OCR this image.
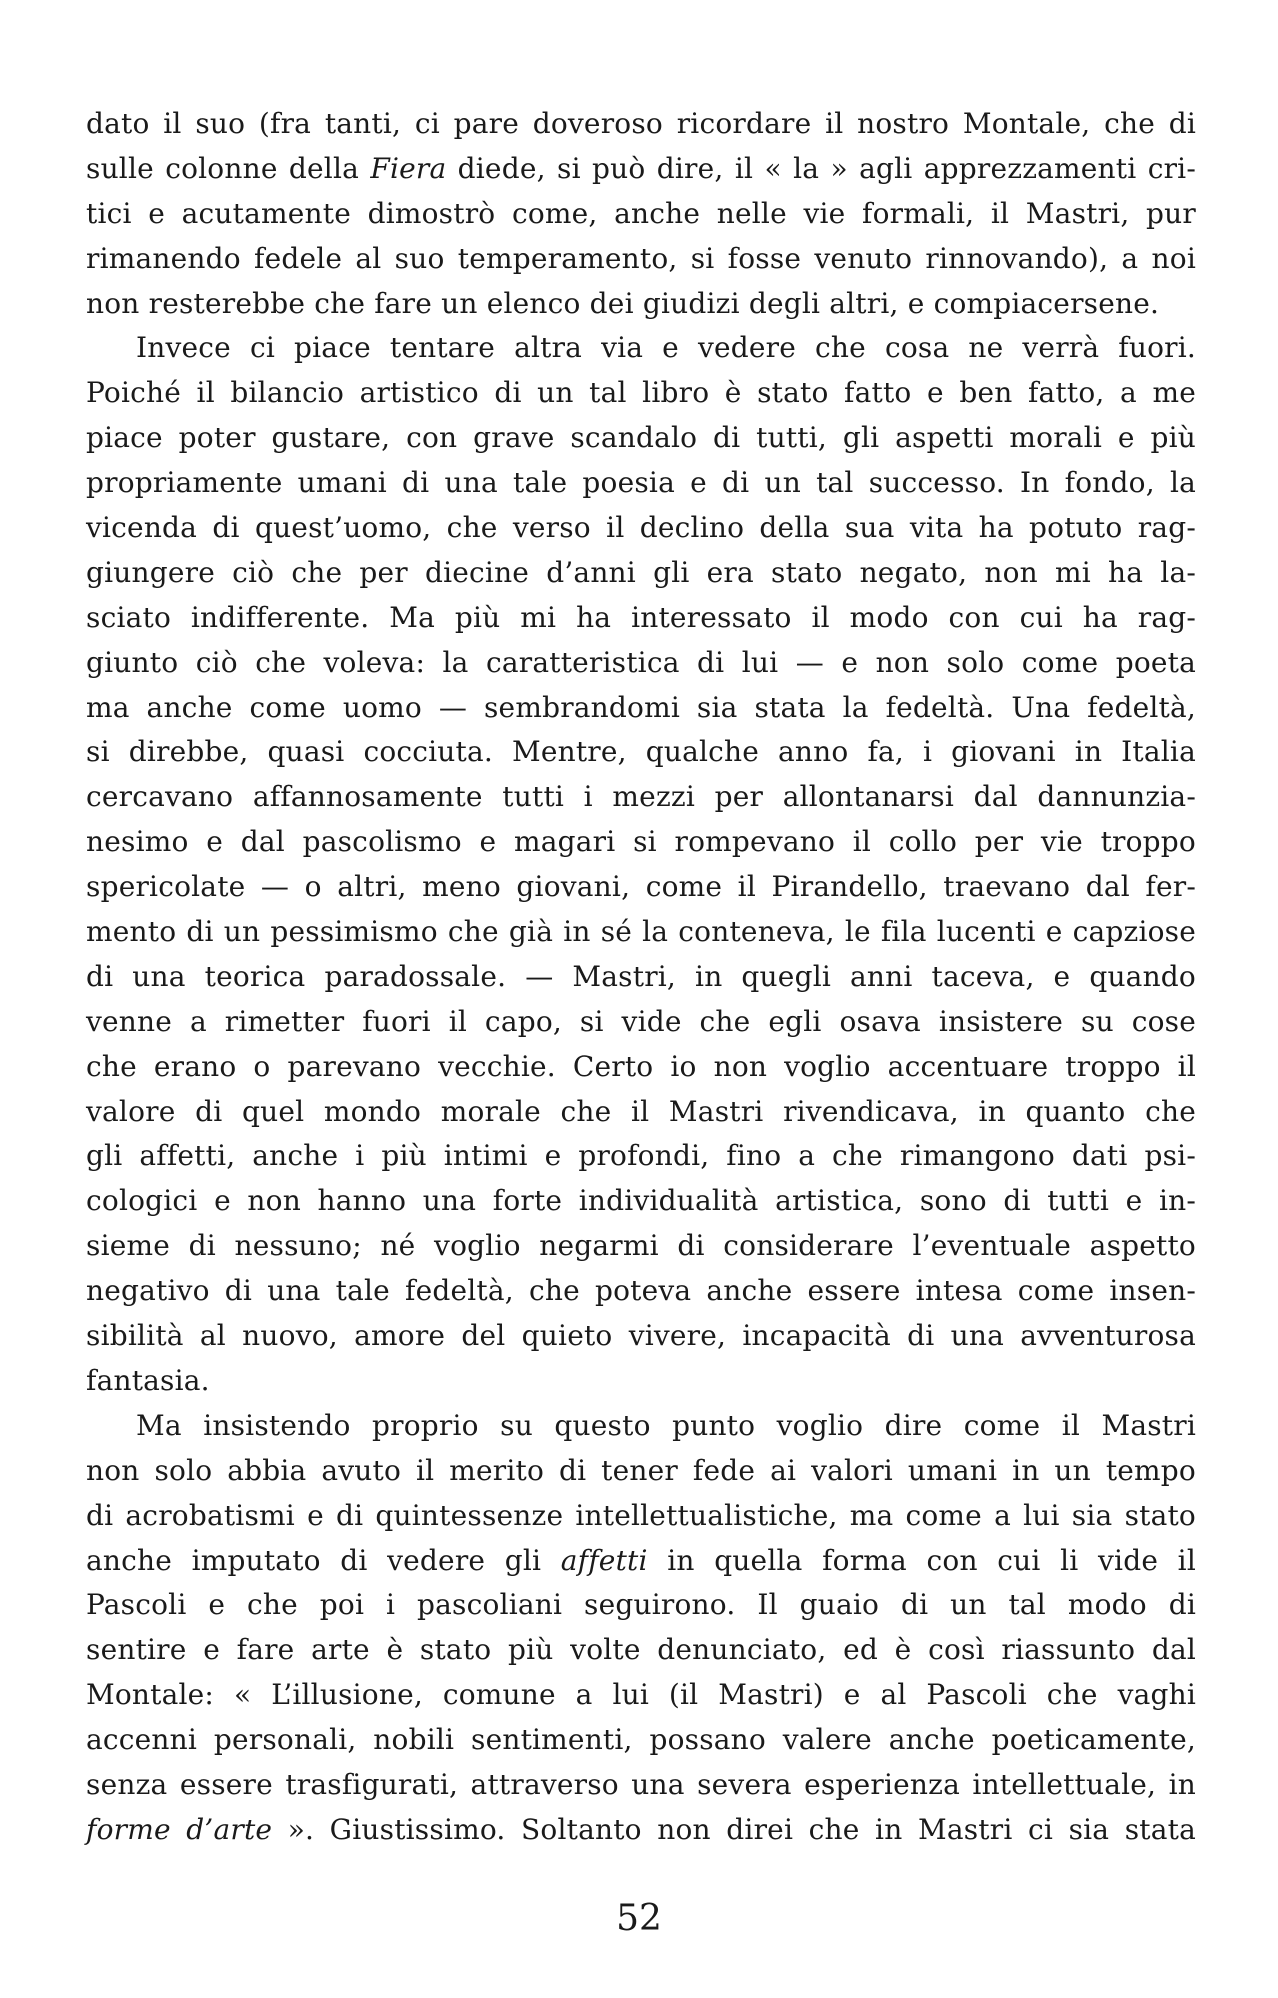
dato il suo (fra tanti, ci pare doveroso ricordare il nostro Montale, che di
sulle colonne della Fiera diede, si può dire, il « la » agli apprezzamenti cri-
tici e acutamente dimostrò come, anche nelle vie formali, il Mastri, pur
rimanendo fedele al suo temperamento, si fosse venuto rinnovando), a noi
non resterebbe che fare un elenco dei giudizi degli altri, e compiacersene.
Invece ci piace tentare altra via e vedere che cosa ne verrà fuori.
Poiché il bilancio artistico di un tal libro è stato fatto e ben fatto, a me
piace poter gustare, con grave scandalo di tutti, gli aspetti morali e più
propriamente umani di una tale poesia e di un tal successo. In fondo, la
vicenda di quest’uomo, che verso il declino della sua vita ha potuto rag-
giungere ciò che per diecine d’anni gli era stato negato, non mi ha la-
sciato indifferente. Ma più mi ha interessato il modo con cui ha rag-
giunto ciò che voleva: la caratteristica di lui — e non solo come poeta
ma anche come uomo — sembrandomi sia stata la fedeltà. Una fedeltà,
si direbbe, quasi cocciuta. Mentre, qualche anno fa, i giovani in Italia
cercavano affannosamente tutti i mezzi per allontanarsi dal dannunzia-
nesimo e dal pascolismo e magari si rompevano il collo per vie troppo
spericolate — o altri, meno giovani, come il Pirandello, traevano dal fer-
mento di un pessimismo che già in sé la conteneva, le fila lucenti e capziose
di una teorica paradossale. — Mastri, in quegli anni taceva, e quando
venne a rimetter fuori il capo, si vide che egli osava insistere su cose
che erano o parevano vecchie. Certo io non voglio accentuare troppo il
valore di quel mondo morale che il Mastri rivendicava, in quanto che
gli affetti, anche i più intimi e profondi, fino a che rimangono dati psi-
cologici e non hanno una forte individualità artistica, sono di tutti e in-
sieme di nessuno; né voglio negarmi di considerare l’eventuale aspetto
negativo di una tale fedeltà, che poteva anche essere intesa come insen-
sibilità al nuovo, amore del quieto vivere, incapacità di una avventurosa
fantasia.
Ma insistendo proprio su questo punto voglio dire come il Mastri
non solo abbia avuto il merito di tener fede ai valori umani in un tempo
di acrobatismi e di quintessenze intellettualistiche, ma come a lui sia stato
anche imputato di vedere gli affetti in quella forma con cui li vide il
Pascoli e che poi i pascoliani seguirono. Il guaio di un tal modo di
sentire e fare arte è stato più volte denunciato, ed è così riassunto dal
Montale: « L’illusione, comune a lui (il Mastri) e al Pascoli che vaghi
accenni personali, nobili sentimenti, possano valere anche poeticamente,
senza essere trasfigurati, attraverso una severa esperienza intellettuale, in
forme d’arte ». Giustissimo. Soltanto non direi che in Mastri ci sia stata
52
